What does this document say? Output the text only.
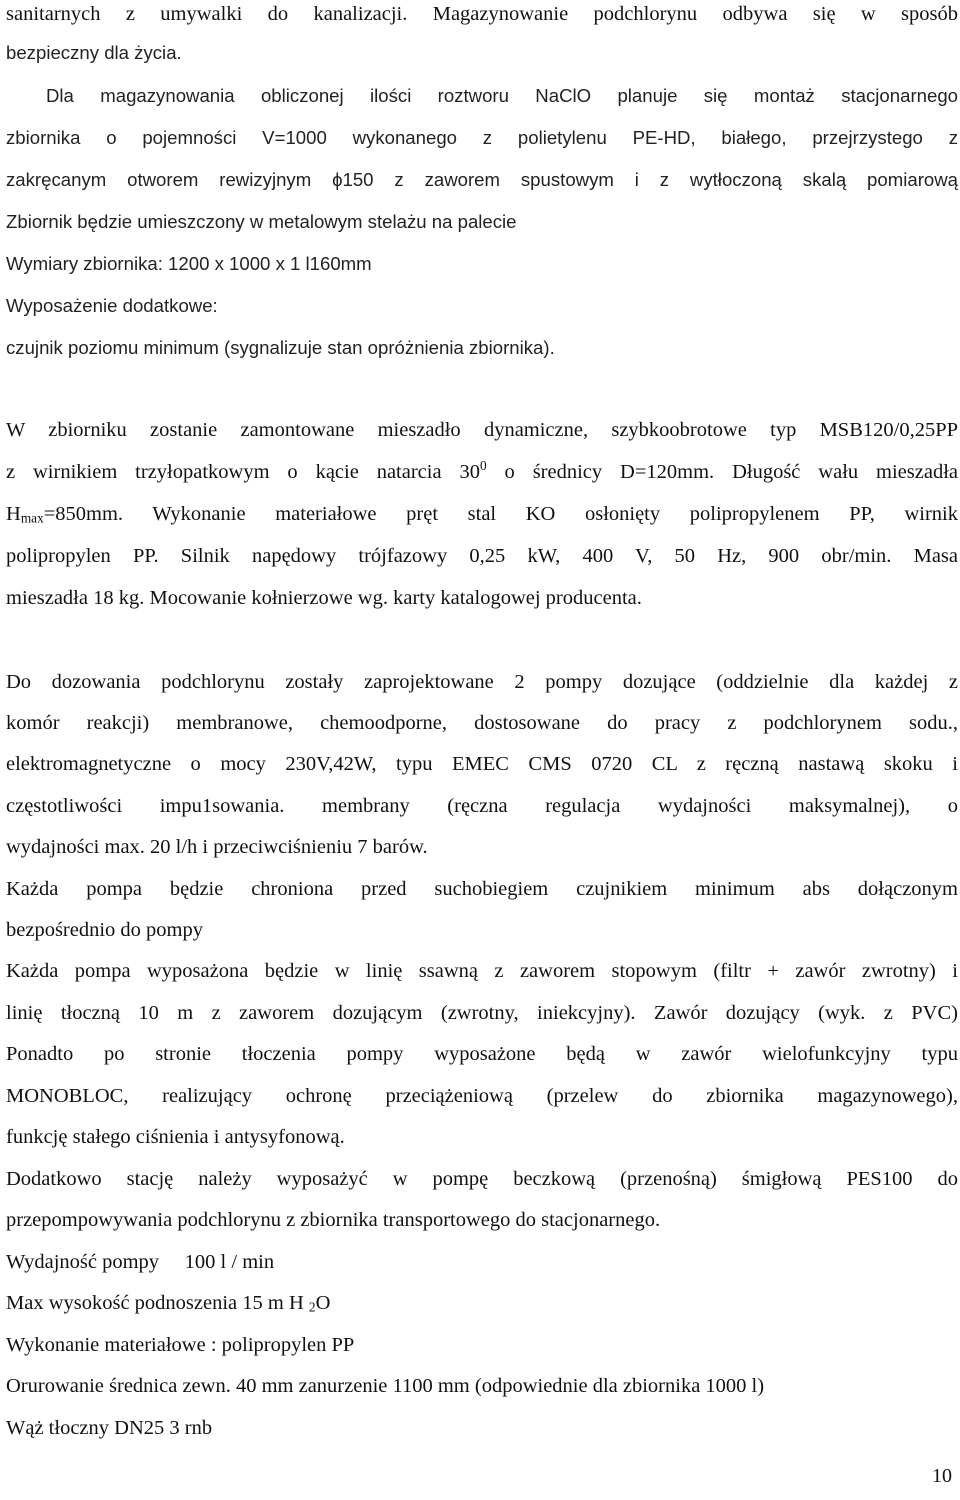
sanitarnych z umywalki do kanalizacji. Magazynowanie podchlorynu odbywa się w sposób
bezpieczny dla życia.
Dla magazynowania obliczonej ilości roztworu NaClO planuje się montaż stacjonarnego
zbiornika o pojemności V=1000 wykonanego z polietylenu PE-HD, białego, przejrzystego z
zakręcanym otworem rewizyjnym ϕ150 z zaworem spustowym i z wytłoczoną skalą pomiarową
Zbiornik będzie umieszczony w metalowym stelażu na palecie
Wymiary zbiornika: 1200 x 1000 x 1 l160mm
Wyposażenie dodatkowe:
czujnik poziomu minimum (sygnalizuje stan opróżnienia zbiornika).
W zbiorniku zostanie zamontowane mieszadło dynamiczne, szybkoobrotowe typ MSB120/0,25PP
z wirnikiem trzyłopatkowym o kącie natarcia $30^0$ o średnicy D=120mm. Długość wału mieszadła
$H_{max}=850mm$. Wykonanie materiałowe pręt stal KO osłonięty polipropylenem PP, wirnik
polipropylen PP. Silnik napędowy trójfazowy 0,25 kW, 400 V, 50 Hz, 900 obr/min. Masa
mieszadła 18 kg. Mocowanie kołnierzowe wg. karty katalogowej producenta.
Do dozowania podchlorynu zostały zaprojektowane 2 pompy dozujące (oddzielnie dla każdej z
komór reakcji) membranowe, chemoodporne, dostosowane do pracy z podchlorynem sodu.,
elektromagnetyczne o mocy 230V,42W, typu EMEC CMS 0720 CL z ręczną nastawą skoku i
częstotliwości impu1sowania. membrany (ręczna regulacja wydajności maksymalnej), o
wydajności max. 20 l/h i przeciwciśnieniu 7 barów.
Każda pompa będzie chroniona przed suchobiegiem czujnikiem minimum abs dołączonym
bezpośrednio do pompy
Każda pompa wyposażona będzie w linię ssawną z zaworem stopowym (filtr + zawór zwrotny) i
linię tłoczną 10 m z zaworem dozującym (zwrotny, iniekcyjny). Zawór dozujący (wyk. z PVC)
Ponadto po stronie tłoczenia pompy wyposażone będą w zawór wielofunkcyjny typu
MONOBLOC, realizujący ochronę przeciążeniową (przelew do zbiornika magazynowego),
funkcję stałego ciśnienia i antysyfonową.
Dodatkowo stację należy wyposażyć w pompę beczkową (przenośną) śmigłową PES100 do
przepompowywania podchlorynu z zbiornika transportowego do stacjonarnego.
Wydajność pompy     100 l / min
Max wysokość podnoszenia 15 m H $_2$O
Wykonanie materiałowe : polipropylen PP
Orurowanie średnica zewn. 40 mm zanurzenie 1100 mm (odpowiednie dla zbiornika 1000 l)
Wąż tłoczny DN25 3 rnb
10
